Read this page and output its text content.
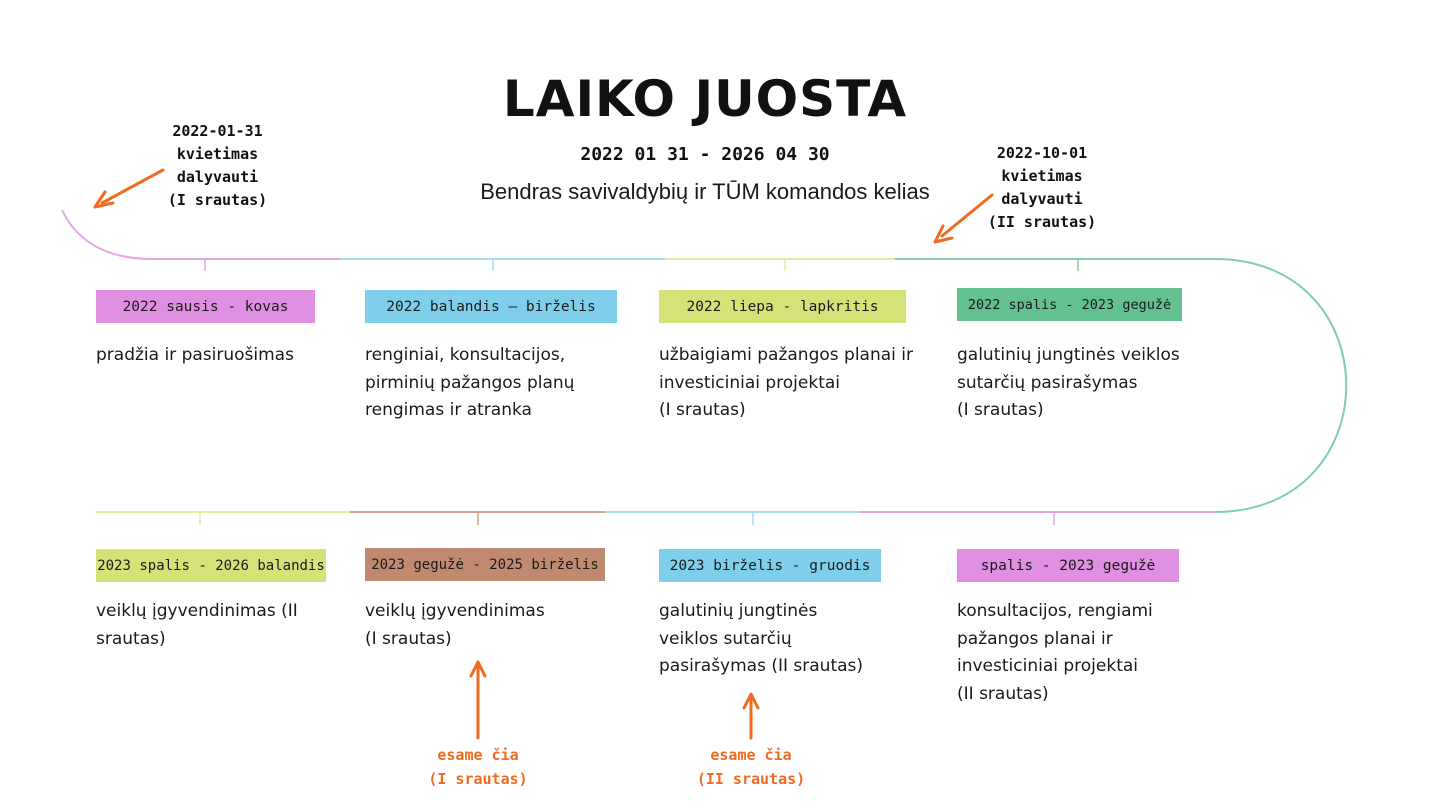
LAIKO JUOSTA
2022 01 31 - 2026 04 30
Bendras savivaldybių ir TŪM komandos kelias
2022-01-31
kvietimas
dalyvauti
(I srautas)
2022-10-01
kvietimas
dalyvauti
(II srautas)
2022 sausis - kovas
pradžia ir pasiruošimas
2022 balandis – birželis
renginiai, konsultacijos,
pirminių pažangos planų
rengimas ir atranka
2022 liepa - lapkritis
užbaigiami pažangos planai ir
investiciniai projektai
(I srautas)
2022 spalis - 2023 gegužė
galutinių jungtinės veiklos
sutarčių pasirašymas
(I srautas)
2023 spalis - 2026 balandis
veiklų įgyvendinimas (II
srautas)
2023 gegužė - 2025 birželis
veiklų įgyvendinimas
(I srautas)
2023 birželis - gruodis
galutinių jungtinės
veiklos sutarčių
pasirašymas (II srautas)
spalis - 2023 gegužė
konsultacijos, rengiami
pažangos planai ir
investiciniai projektai
(II srautas)
esame čia
(I srautas)
esame čia
(II srautas)
